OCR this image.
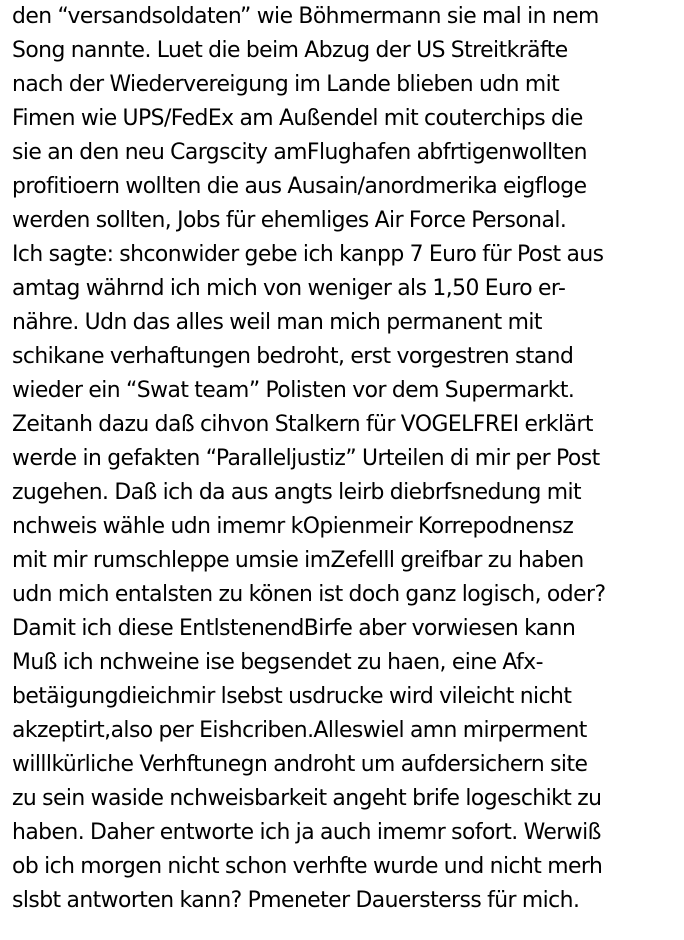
den “versandsoldaten” wie Böhmermann sie mal in nem
Song nannte. Luet die beim Abzug der US Streitkräfte
nach der Wiedervereigung im Lande blieben udn mit
Fimen wie UPS/FedEx am Außendel mit couterchips die
sie an den neu Cargscity amFlughafen abfrtigenwollten
profitioern wollten die aus Ausain/anordmerika eigfloge
werden sollten, Jobs für ehemliges Air Force Personal.
Ich sagte: shconwider gebe ich kanpp 7 Euro für Post aus
amtag währnd ich mich von weniger als 1,50 Euro er-
nähre. Udn das alles weil man mich permanent mit
schikane verhaftungen bedroht, erst vorgestren stand
wieder ein “Swat team” Polisten vor dem Supermarkt.
Zeitanh dazu daß cihvon Stalkern für VOGELFREI erklärt
werde in gefakten “Paralleljustiz” Urteilen di mir per Post
zugehen. Daß ich da aus angts leirb diebrfsnedung mit
nchweis wähle udn imemr kOpienmeir Korrepodnensz
mit mir rumschleppe umsie imZefelll greifbar zu haben
udn mich entalsten zu könen ist doch ganz logisch, oder?
Damit ich diese EntlstenendBirfe aber vorwiesen kann
Muß ich nchweine ise begsendet zu haen, eine Afx-
betäigungdieichmir lsebst usdrucke wird vileicht nicht
akzeptirt,also per Eishcriben.Alleswiel amn mirperment
willlkürliche Verhftunegn androht um aufdersichern site
zu sein waside nchweisbarkeit angeht brife logeschikt zu
haben. Daher entworte ich ja auch imemr sofort. Werwiß
ob ich morgen nicht schon verhfte wurde und nicht merh
slsbt antworten kann? Pmeneter Dauersterss für mich.
